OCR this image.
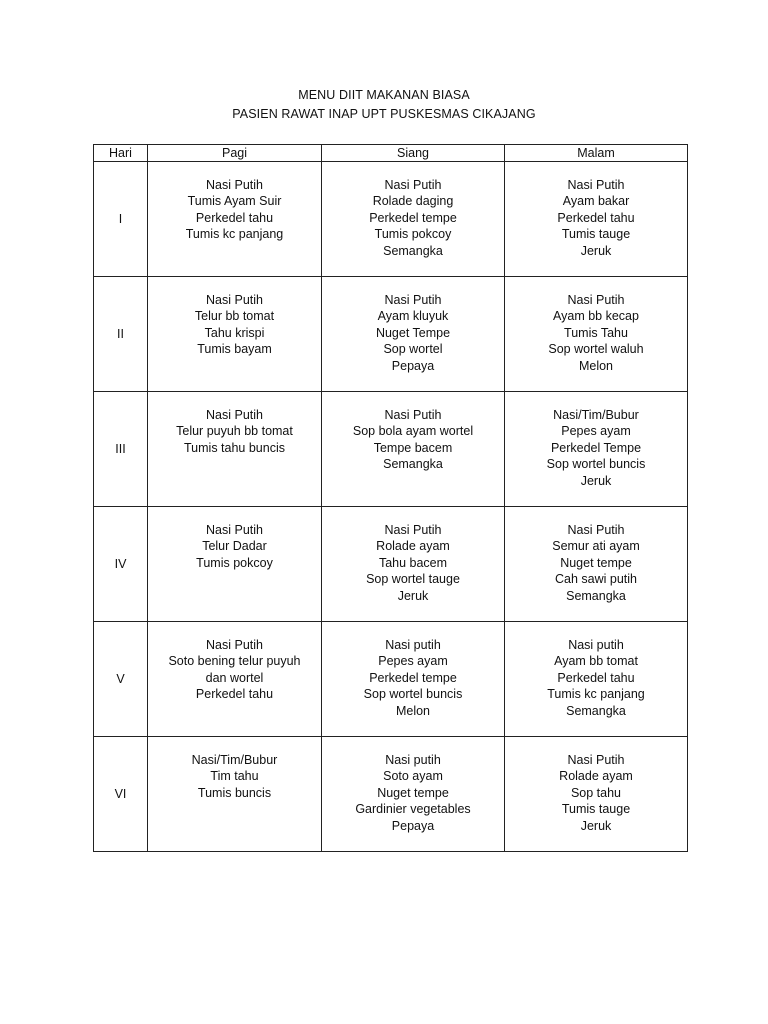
MENU DIIT MAKANAN BIASA
PASIEN RAWAT INAP UPT PUSKESMAS CIKAJANG
Hari	Pagi	Siang	Malam
I	Nasi Putih
Tumis Ayam Suir
Perkedel tahu
Tumis kc panjang	Nasi Putih
Rolade daging
Perkedel tempe
Tumis pokcoy
Semangka	Nasi Putih
Ayam bakar
Perkedel tahu
Tumis tauge
Jeruk

II	Nasi Putih
Telur bb tomat
Tahu krispi
Tumis bayam	Nasi Putih
Ayam kluyuk
Nuget Tempe
Sop wortel
Pepaya	Nasi Putih
Ayam bb kecap
Tumis Tahu
Sop wortel waluh
Melon

III	Nasi Putih
Telur puyuh bb tomat
Tumis tahu buncis	Nasi Putih
Sop bola ayam wortel
Tempe bacem
Semangka	Nasi/Tim/Bubur
Pepes ayam
Perkedel Tempe
Sop wortel buncis
Jeruk

IV	Nasi Putih
Telur Dadar
Tumis pokcoy	Nasi Putih
Rolade ayam
Tahu bacem
Sop wortel tauge
Jeruk	Nasi Putih
Semur ati ayam
Nuget tempe
Cah sawi putih
Semangka

V	Nasi Putih
Soto bening telur puyuh
dan wortel
Perkedel tahu	Nasi putih
Pepes ayam
Perkedel tempe
Sop wortel buncis
Melon	Nasi putih
Ayam bb tomat
Perkedel tahu
Tumis kc panjang
Semangka

VI	Nasi/Tim/Bubur
Tim tahu
Tumis buncis	Nasi putih
Soto ayam
Nuget tempe
Gardinier vegetables
Pepaya	Nasi Putih
Rolade ayam
Sop tahu
Tumis tauge
Jeruk
